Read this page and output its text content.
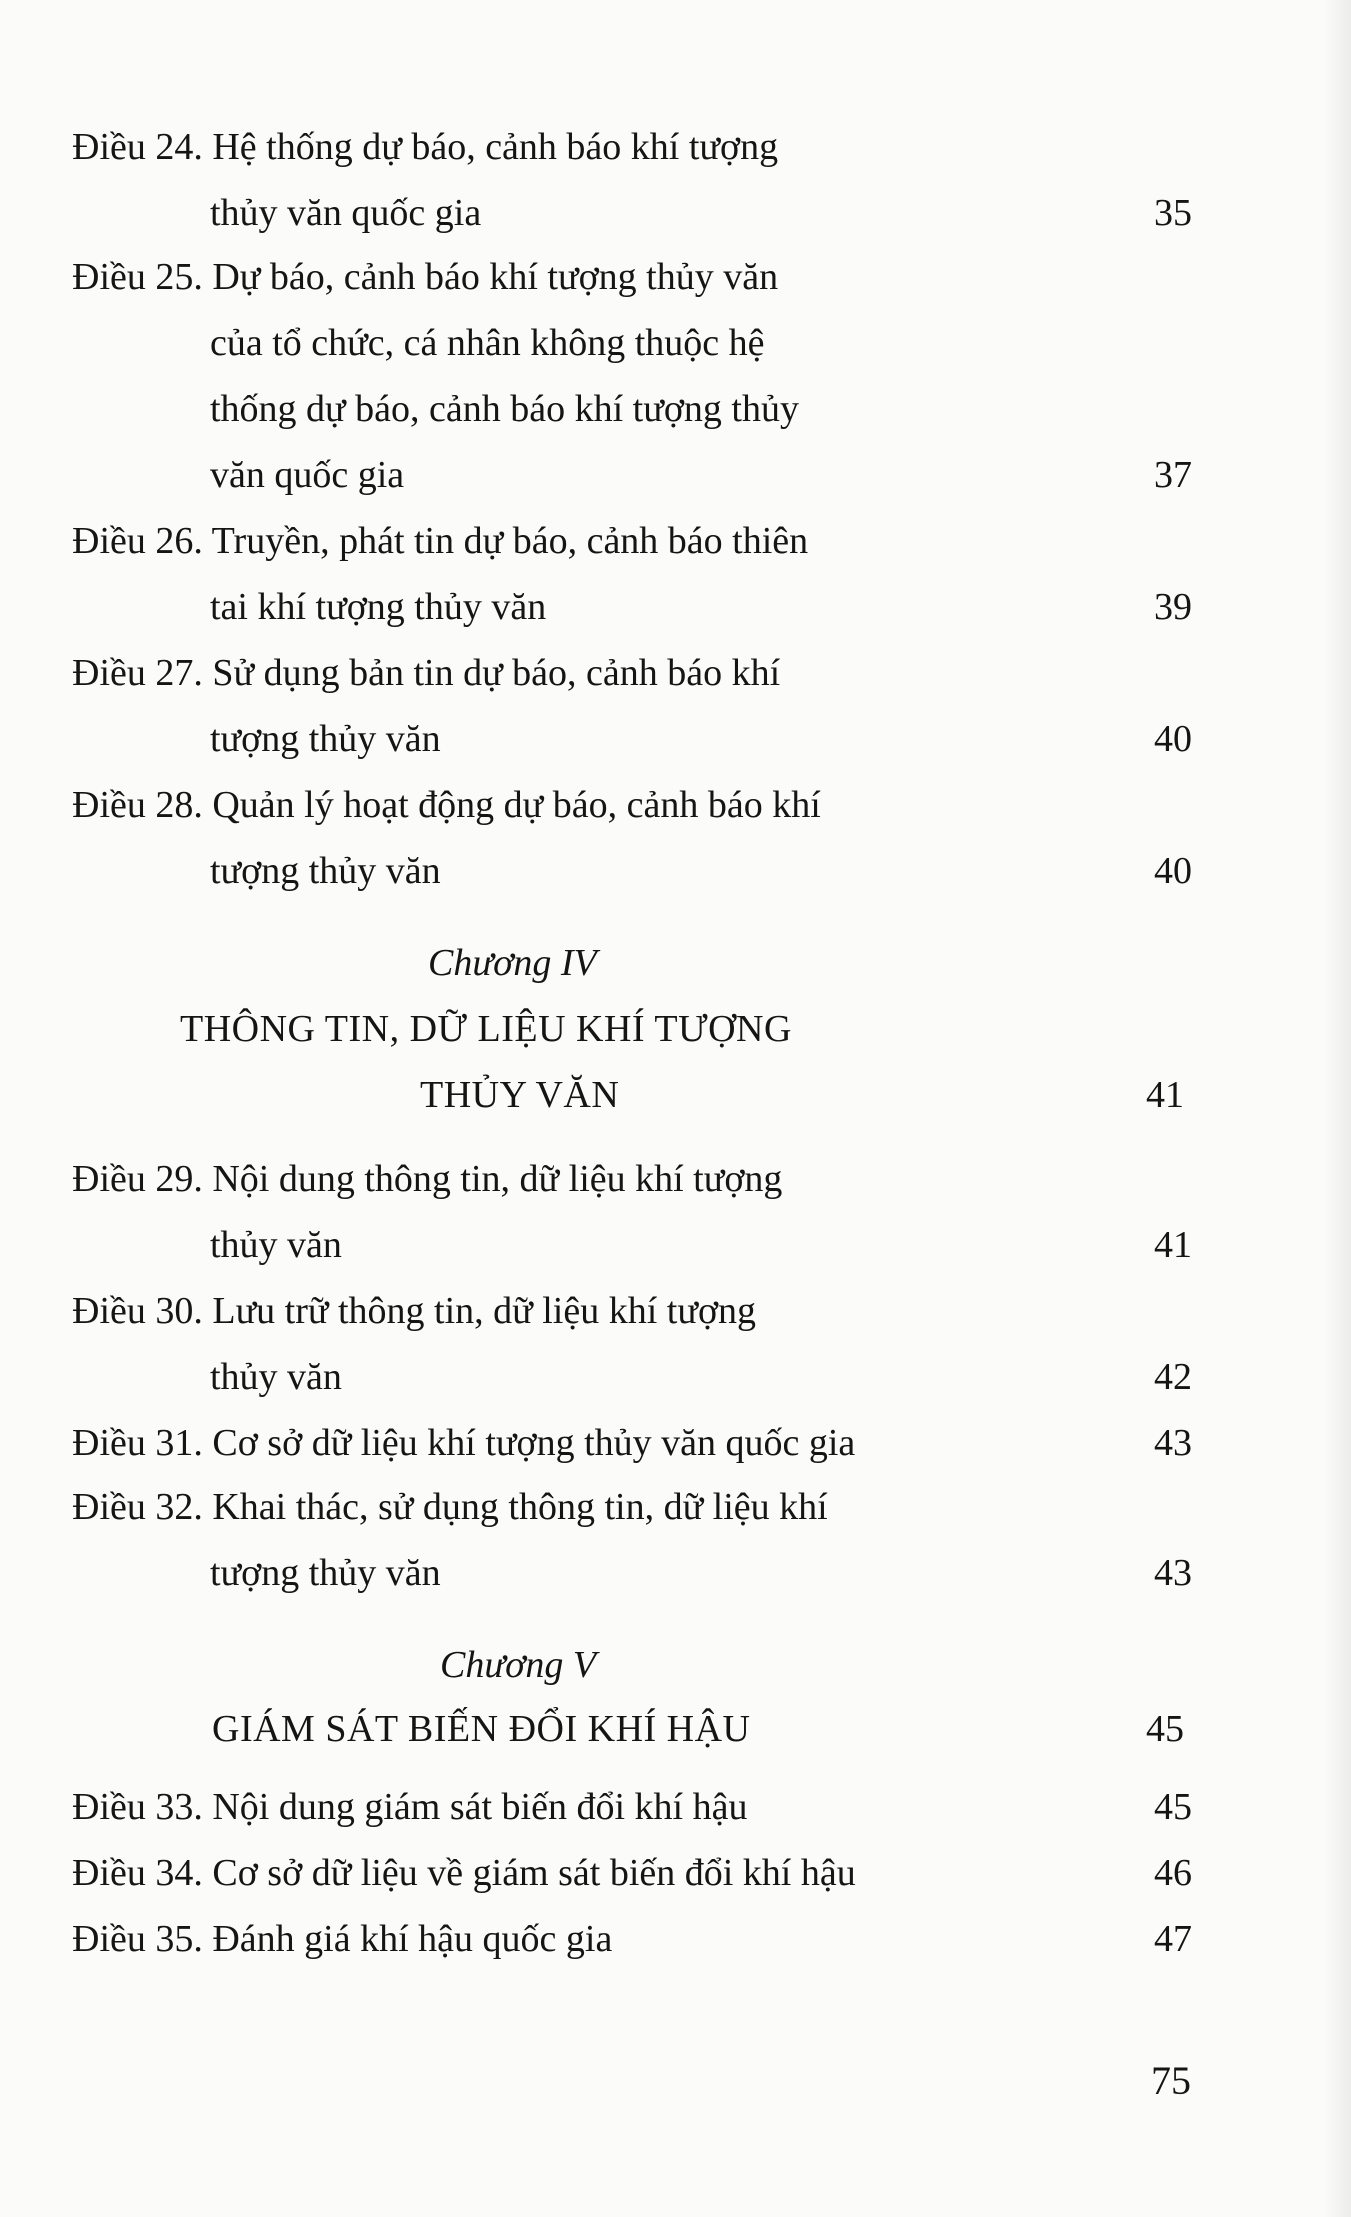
Điều 24. Hệ thống dự báo, cảnh báo khí tượng
thủy văn quốc gia	35
Điều 25. Dự báo, cảnh báo khí tượng thủy văn
của tổ chức, cá nhân không thuộc hệ
thống dự báo, cảnh báo khí tượng thủy
văn quốc gia	37
Điều 26. Truyền, phát tin dự báo, cảnh báo thiên
tai khí tượng thủy văn	39
Điều 27. Sử dụng bản tin dự báo, cảnh báo khí
tượng thủy văn	40
Điều 28. Quản lý hoạt động dự báo, cảnh báo khí
tượng thủy văn	40
Chương IV
THÔNG TIN, DỮ LIỆU KHÍ TƯỢNG
THỦY VĂN	41
Điều 29. Nội dung thông tin, dữ liệu khí tượng
thủy văn	41
Điều 30. Lưu trữ thông tin, dữ liệu khí tượng
thủy văn	42
Điều 31. Cơ sở dữ liệu khí tượng thủy văn quốc gia	43
Điều 32. Khai thác, sử dụng thông tin, dữ liệu khí
tượng thủy văn	43
Chương V
GIÁM SÁT BIẾN ĐỔI KHÍ HẬU	45
Điều 33. Nội dung giám sát biến đổi khí hậu	45
Điều 34. Cơ sở dữ liệu về giám sát biến đổi khí hậu	46
Điều 35. Đánh giá khí hậu quốc gia	47
75
